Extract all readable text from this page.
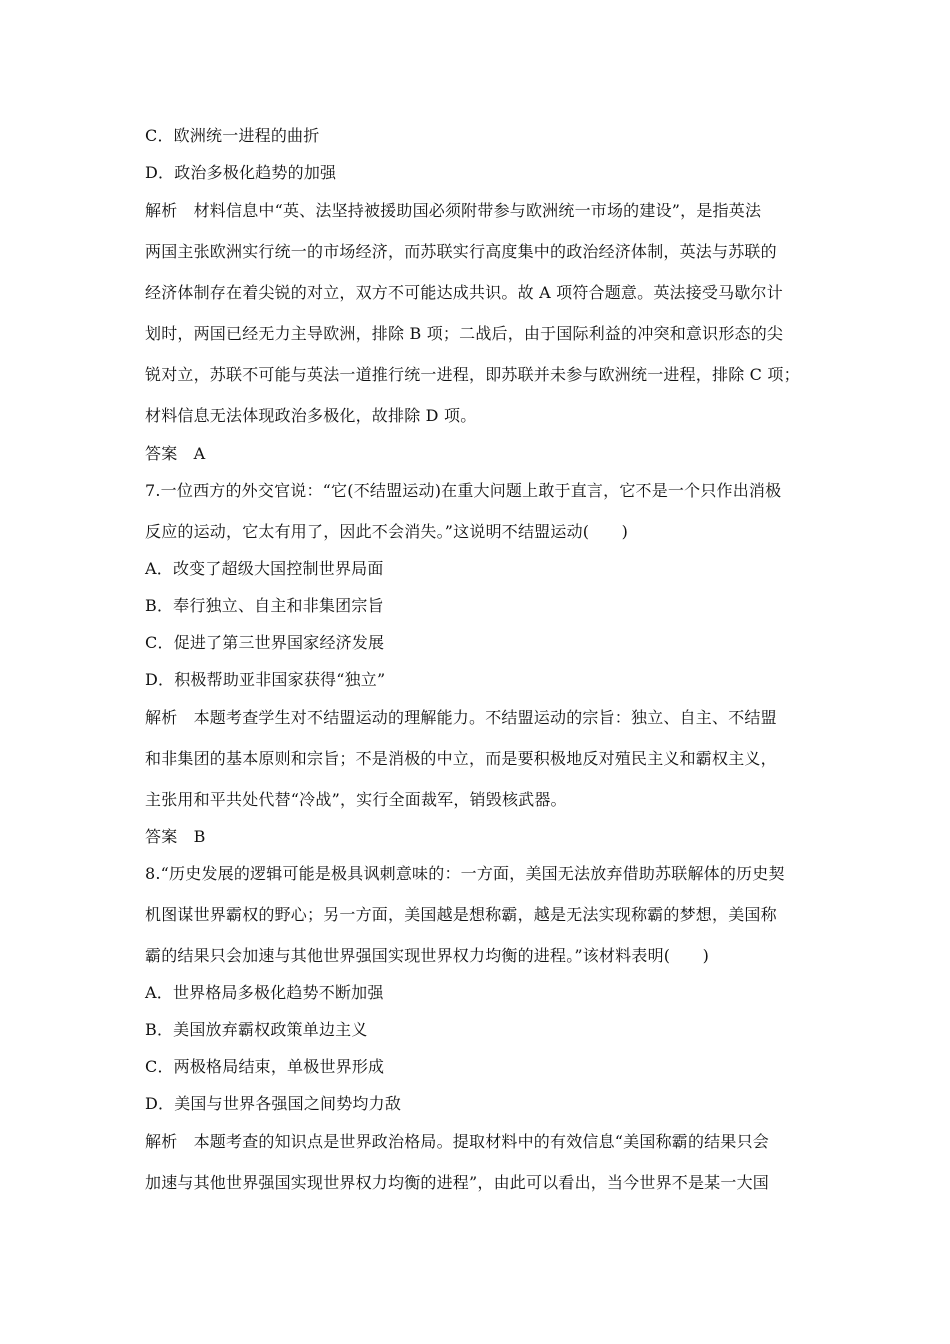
C．欧洲统一进程的曲折
D．政治多极化趋势的加强
解析　材料信息中“英、法坚持被援助国必须附带参与欧洲统一市场的建设”，是指英法
两国主张欧洲实行统一的市场经济，而苏联实行高度集中的政治经济体制，英法与苏联的
经济体制存在着尖锐的对立，双方不可能达成共识。故 A 项符合题意。英法接受马歇尔计
划时，两国已经无力主导欧洲，排除 B 项；二战后，由于国际利益的冲突和意识形态的尖
锐对立，苏联不可能与英法一道推行统一进程，即苏联并未参与欧洲统一进程，排除 C 项；
材料信息无法体现政治多极化，故排除 D 项。
答案　A
7.一位西方的外交官说：“它(不结盟运动)在重大问题上敢于直言，它不是一个只作出消极
反应的运动，它太有用了，因此不会消失。”这说明不结盟运动(　　)
A．改变了超级大国控制世界局面
B．奉行独立、自主和非集团宗旨
C．促进了第三世界国家经济发展
D．积极帮助亚非国家获得“独立”
解析　本题考查学生对不结盟运动的理解能力。不结盟运动的宗旨：独立、自主、不结盟
和非集团的基本原则和宗旨；不是消极的中立，而是要积极地反对殖民主义和霸权主义，
主张用和平共处代替“冷战”，实行全面裁军，销毁核武器。
答案　B
8.“历史发展的逻辑可能是极具讽刺意味的：一方面，美国无法放弃借助苏联解体的历史契
机图谋世界霸权的野心；另一方面，美国越是想称霸，越是无法实现称霸的梦想，美国称
霸的结果只会加速与其他世界强国实现世界权力均衡的进程。”该材料表明(　　)
A．世界格局多极化趋势不断加强
B．美国放弃霸权政策单边主义
C．两极格局结束，单极世界形成
D．美国与世界各强国之间势均力敌
解析　本题考查的知识点是世界政治格局。提取材料中的有效信息“美国称霸的结果只会
加速与其他世界强国实现世界权力均衡的进程”，由此可以看出，当今世界不是某一大国
